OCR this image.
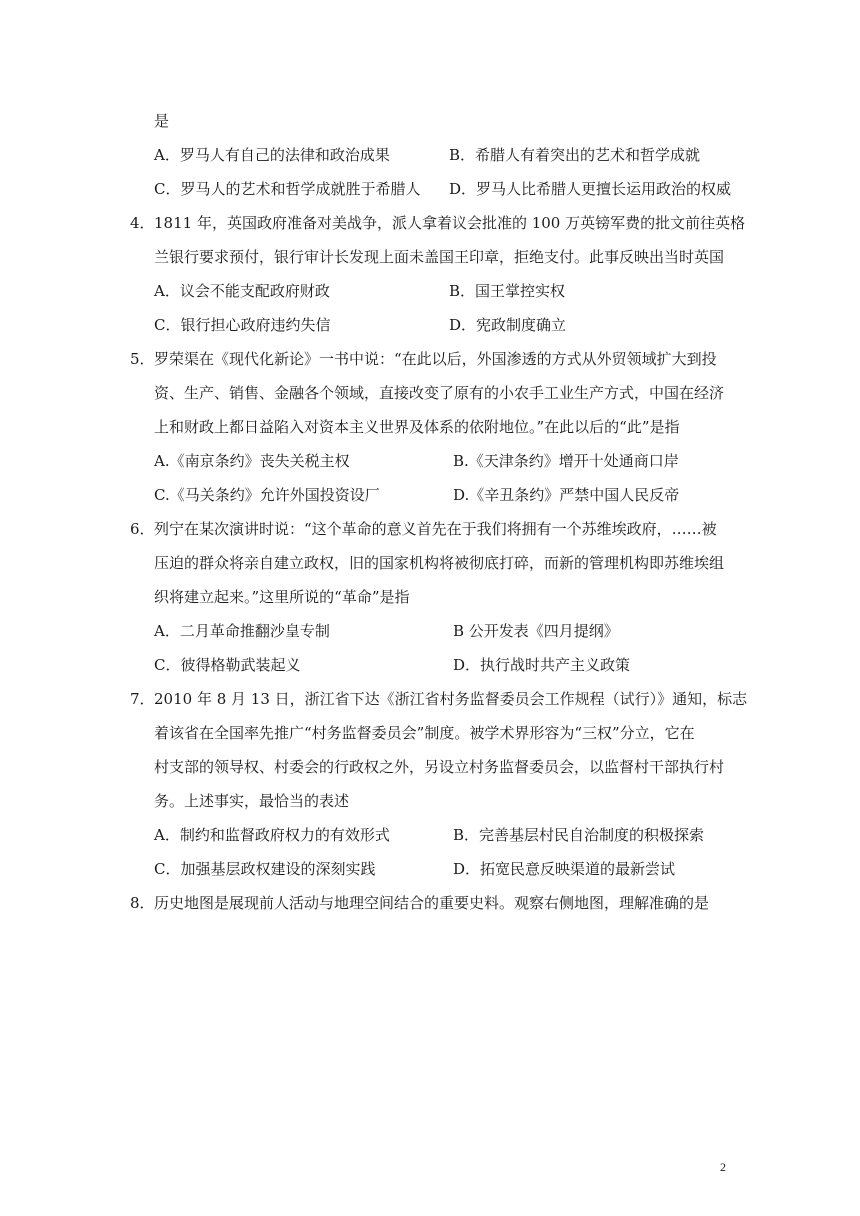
是
A．罗马人有自己的法律和政治成果	B．希腊人有着突出的艺术和哲学成就
C．罗马人的艺术和哲学成就胜于希腊人 D．罗马人比希腊人更擅长运用政治的权威
4． 1811 年，英国政府准备对美战争，派人拿着议会批准的 100 万英镑军费的批文前往英格
兰银行要求预付，银行审计长发现上面未盖国王印章，拒绝支付。此事反映出当时英国
A．议会不能支配政府财政	B．国王掌控实权
C．银行担心政府违约失信	D．宪政制度确立
5． 罗荣渠在《现代化新论》一书中说：“在此以后，外国渗透的方式从外贸领域扩大到投
资、生产、销售、金融各个领域，直接改变了原有的小农手工业生产方式，中国在经济
上和财政上都日益陷入对资本主义世界及体系的依附地位。”在此以后的“此”是指
A.《南京条约》丧失关税主权	B.《天津条约》增开十处通商口岸
C.《马关条约》允许外国投资设厂	D.《辛丑条约》严禁中国人民反帝
6． 列宁在某次演讲时说：“这个革命的意义首先在于我们将拥有一个苏维埃政府，……被
压迫的群众将亲自建立政权，旧的国家机构将被彻底打碎，而新的管理机构即苏维埃组
织将建立起来。”这里所说的“革命”是指
A．二月革命推翻沙皇专制	B 公开发表《四月提纲》
C．彼得格勒武装起义	D．执行战时共产主义政策
7． 2010 年 8 月 13 日，浙江省下达《浙江省村务监督委员会工作规程（试行）》通知，标志
着该省在全国率先推广“村务监督委员会”制度。被学术界形容为“三权”分立，它在
村支部的领导权、村委会的行政权之外，另设立村务监督委员会，以监督村干部执行村
务。上述事实，最恰当的表述
A．制约和监督政府权力的有效形式	B．完善基层村民自治制度的积极探索
C．加强基层政权建设的深刻实践	D．拓宽民意反映渠道的最新尝试
8． 历史地图是展现前人活动与地理空间结合的重要史料。观察右侧地图，理解准确的是
2
